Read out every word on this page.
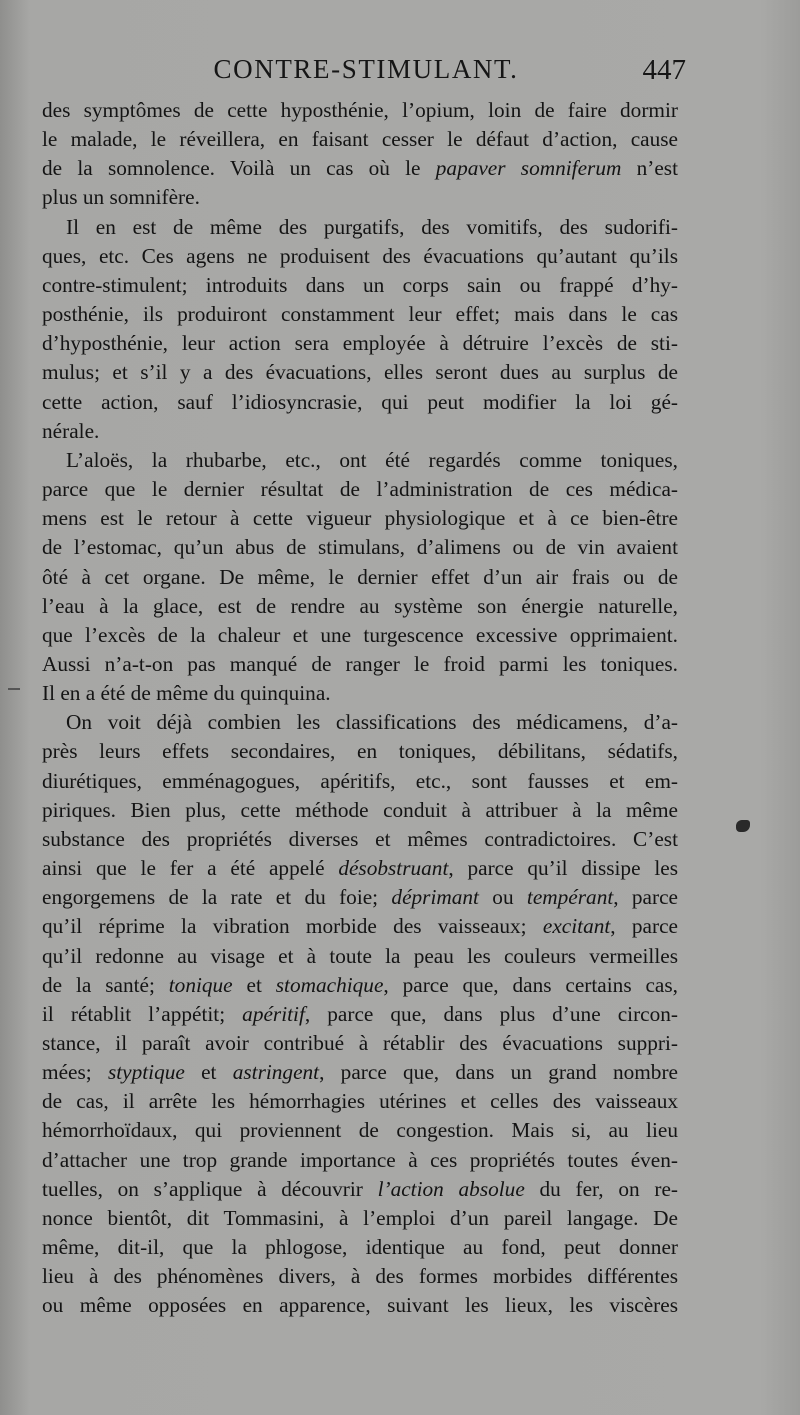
CONTRE-STIMULANT.	447
des symptômes de cette hyposthénie, l’opium, loin de faire dormir
le malade, le réveillera, en faisant cesser le défaut d’action, cause
de la somnolence. Voilà un cas où le papaver somniferum n’est
plus un somnifère.
Il en est de même des purgatifs, des vomitifs, des sudorifi-
ques, etc. Ces agens ne produisent des évacuations qu’autant qu’ils
contre-stimulent; introduits dans un corps sain ou frappé d’hy-
posthénie, ils produiront constamment leur effet; mais dans le cas
d’hyposthénie, leur action sera employée à détruire l’excès de sti-
mulus; et s’il y a des évacuations, elles seront dues au surplus de
cette action, sauf l’idiosyncrasie, qui peut modifier la loi gé-
nérale.
L’aloës, la rhubarbe, etc., ont été regardés comme toniques,
parce que le dernier résultat de l’administration de ces médica-
mens est le retour à cette vigueur physiologique et à ce bien-être
de l’estomac, qu’un abus de stimulans, d’alimens ou de vin avaient
ôté à cet organe. De même, le dernier effet d’un air frais ou de
l’eau à la glace, est de rendre au système son énergie naturelle,
que l’excès de la chaleur et une turgescence excessive opprimaient.
Aussi n’a-t-on pas manqué de ranger le froid parmi les toniques.
Il en a été de même du quinquina.
On voit déjà combien les classifications des médicamens, d’a-
près leurs effets secondaires, en toniques, débilitans, sédatifs,
diurétiques, emménagogues, apéritifs, etc., sont fausses et em-
piriques. Bien plus, cette méthode conduit à attribuer à la même
substance des propriétés diverses et mêmes contradictoires. C’est
ainsi que le fer a été appelé désobstruant, parce qu’il dissipe les
engorgemens de la rate et du foie; déprimant ou tempérant, parce
qu’il réprime la vibration morbide des vaisseaux; excitant, parce
qu’il redonne au visage et à toute la peau les couleurs vermeilles
de la santé; tonique et stomachique, parce que, dans certains cas,
il rétablit l’appétit; apéritif, parce que, dans plus d’une circon-
stance, il paraît avoir contribué à rétablir des évacuations suppri-
mées; styptique et astringent, parce que, dans un grand nombre
de cas, il arrête les hémorrhagies utérines et celles des vaisseaux
hémorrhoïdaux, qui proviennent de congestion. Mais si, au lieu
d’attacher une trop grande importance à ces propriétés toutes éven-
tuelles, on s’applique à découvrir l’action absolue du fer, on re-
nonce bientôt, dit Tommasini, à l’emploi d’un pareil langage. De
même, dit-il, que la phlogose, identique au fond, peut donner
lieu à des phénomènes divers, à des formes morbides différentes
ou même opposées en apparence, suivant les lieux, les viscères
